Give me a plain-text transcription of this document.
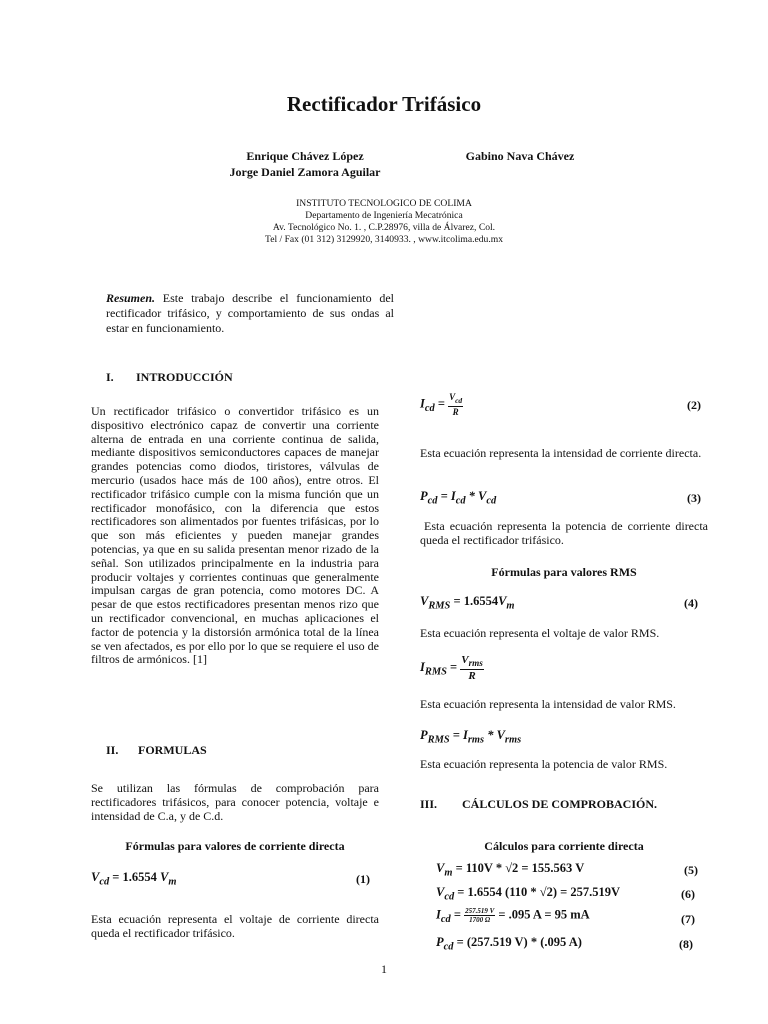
Rectificador Trifásico
Enrique Chávez López
Jorge Daniel Zamora Aguilar
Gabino Nava Chávez
INSTITUTO TECNOLOGICO DE COLIMA
Departamento de Ingeniería Mecatrónica
Av. Tecnológico No. 1. , C.P.28976, villa de Álvarez, Col.
Tel / Fax (01 312) 3129920, 3140933. , www.itcolima.edu.mx
Resumen. Este trabajo describe el funcionamiento del rectificador trifásico, y comportamiento de sus ondas al estar en funcionamiento.
I. INTRODUCCIÓN

Un rectificador trifásico o convertidor trifásico es un dispositivo electrónico capaz de convertir una corriente alterna de entrada en una corriente continua de salida, mediante dispositivos semiconductores capaces de manejar grandes potencias como diodos, tiristores, válvulas de mercurio (usados hace más de 100 años), entre otros. El rectificador trifásico cumple con la misma función que un rectificador monofásico, con la diferencia que estos rectificadores son alimentados por fuentes trifásicas, por lo que son más eficientes y pueden manejar grandes potencias, ya que en su salida presentan menor rizado de la señal. Son utilizados principalmente en la industria para producir voltajes y corrientes continuas que generalmente impulsan cargas de gran potencia, como motores DC. A pesar de que estos rectificadores presentan menos rizo que un rectificador convencional, en muchas aplicaciones el factor de potencia y la distorsión armónica total de la línea se ven afectados, es por ello por lo que se requiere el uso de filtros de armónicos. [1]

II. FORMULAS

Se utilizan las fórmulas de comprobación para rectificadores trifásicos, para conocer potencia, voltaje e intensidad de C.a, y de C.d.

Fórmulas para valores de corriente directa
$V_{cd} = 1.6554$ $V_m$	(1)

Esta ecuación representa el voltaje de corriente directa queda el rectificador trifásico.

$I_{cd} = \frac{V_{cd}}{R}$	(2)

Esta ecuación representa la intensidad de corriente directa.

$P_{cd} = I_{cd} * V_{cd}$	(3)

Esta ecuación representa la potencia de corriente directa queda el rectificador trifásico.

Fórmulas para valores RMS
$V_{RMS} = 1.6554V_m$	(4)

Esta ecuación representa el voltaje de valor RMS.

$I_{RMS} = \frac{V_{rms}}{R}$

Esta ecuación representa la intensidad de valor RMS.

$P_{RMS} = I_{rms} * V_{rms}$

Esta ecuación representa la potencia de valor RMS.

III. CÁLCULOS DE COMPROBACIÓN.
Cálculos para corriente directa
$V_m = 110V * √2 = 155.563$ V	(5)
$V_{cd} = 1.6554$ (110 * √2) = 257.519V	(6)
$I_{cd} = \frac{257.519 V}{1700 \Omega} = .095$ A = 95 mA	(7)
$P_{cd} = (257.519$ V) * (.095 A)	(8)
1
